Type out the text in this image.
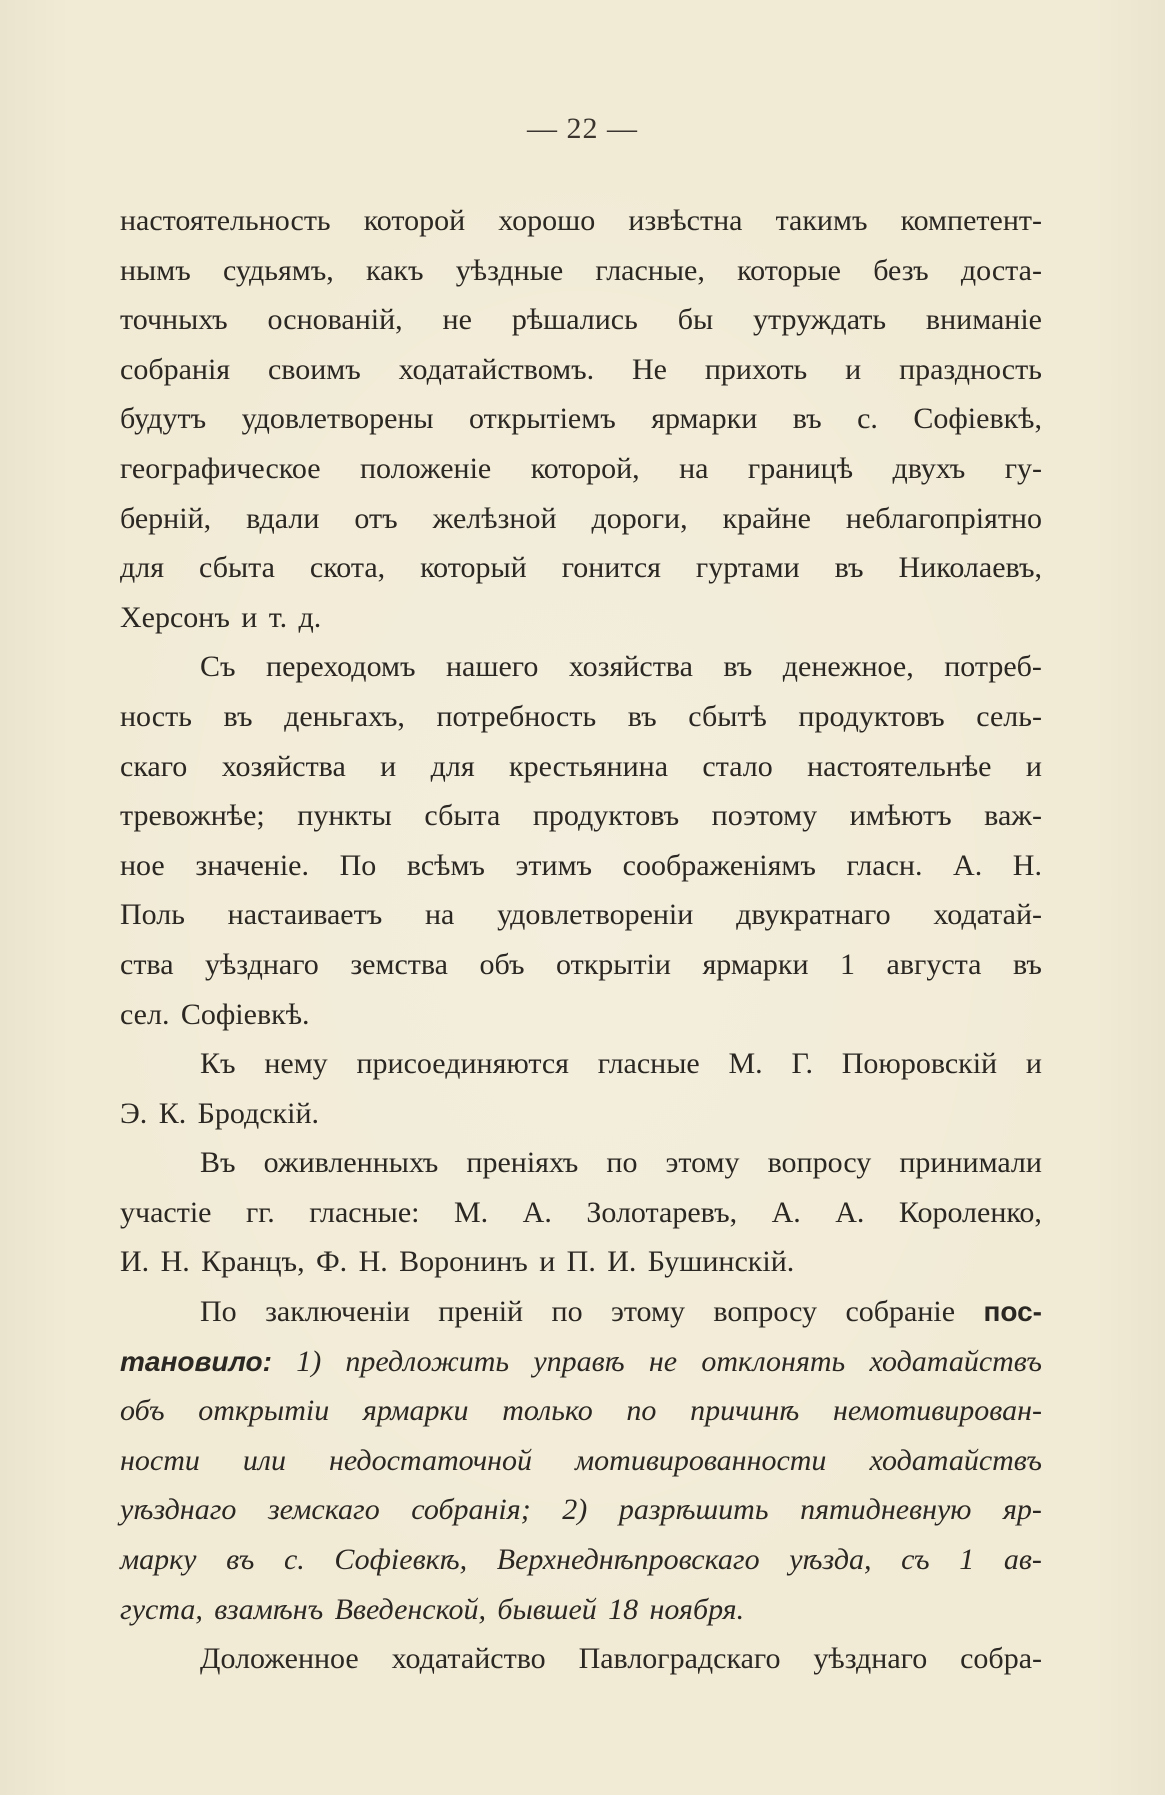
— 22 —
настоятельность которой хорошо извѣстна такимъ компетент-
нымъ судьямъ, какъ уѣздные гласные, которые безъ доста-
точныхъ основаній, не рѣшались бы утруждать вниманіе
собранія своимъ ходатайствомъ. Не прихоть и праздность
будутъ удовлетворены открытіемъ ярмарки въ с. Софіевкѣ,
географическое положеніе которой, на границѣ двухъ гу-
берній, вдали отъ желѣзной дороги, крайне неблагопріятно
для сбыта скота, который гонится гуртами въ Николаевъ,
Херсонъ и т. д.
Съ переходомъ нашего хозяйства въ денежное, потреб-
ность въ деньгахъ, потребность въ сбытѣ продуктовъ сель-
скаго хозяйства и для крестьянина стало настоятельнѣе и
тревожнѣе; пункты сбыта продуктовъ поэтому имѣютъ важ-
ное значеніе. По всѣмъ этимъ соображеніямъ гласн. А. Н.
Поль настаиваетъ на удовлетвореніи двукратнаго ходатай-
ства уѣзднаго земства объ открытіи ярмарки 1 августа въ
сел. Софіевкѣ.
Къ нему присоединяются гласные М. Г. Поюровскій и
Э. К. Бродскій.
Въ оживленныхъ преніяхъ по этому вопросу принимали
участіе гг. гласные: М. А. Золотаревъ, А. А. Короленко,
И. Н. Кранцъ, Ф. Н. Воронинъ и П. И. Бушинскій.
По заключеніи преній по этому вопросу собраніе пос-
тановило: 1) предложить управѣ не отклонять ходатайствъ
объ открытіи ярмарки только по причинѣ немотивирован-
ности или недостаточной мотивированности ходатайствъ
уѣзднаго земскаго собранія; 2) разрѣшить пятидневную яр-
марку въ с. Софіевкѣ, Верхнеднѣпровскаго уѣзда, съ 1 ав-
густа, взамѣнъ Введенской, бывшей 18 ноября.
Доложенное ходатайство Павлоградскаго уѣзднаго собра-
